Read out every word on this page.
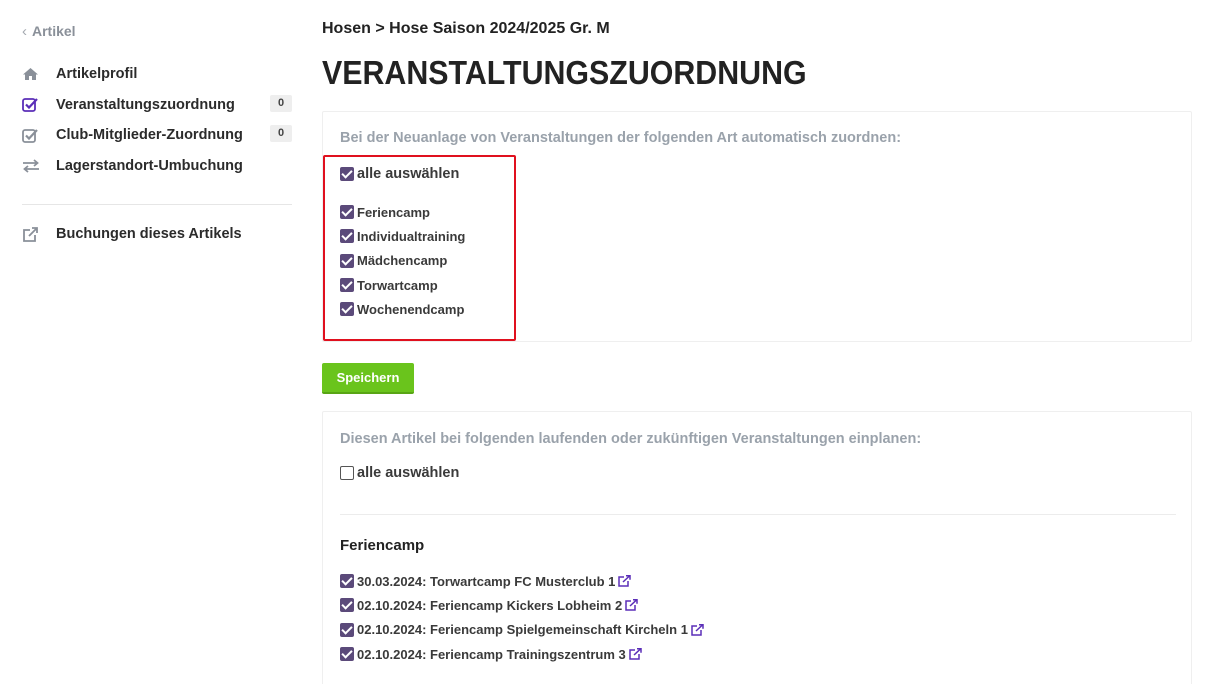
‹ Artikel
Artikelprofil
Veranstaltungszuordnung	0
Club-Mitglieder-Zuordnung	0
Lagerstandort-Umbuchung
Buchungen dieses Artikels
Hosen > Hose Saison 2024/2025 Gr. M
VERANSTALTUNGSZUORDNUNG
Bei der Neuanlage von Veranstaltungen der folgenden Art automatisch zuordnen:
alle auswählen
Feriencamp
Individualtraining
Mädchencamp
Torwartcamp
Wochenendcamp
Speichern
Diesen Artikel bei folgenden laufenden oder zukünftigen Veranstaltungen einplanen:
alle auswählen
Feriencamp
30.03.2024: Torwartcamp FC Musterclub 1
02.10.2024: Feriencamp Kickers Lobheim 2
02.10.2024: Feriencamp Spielgemeinschaft Kircheln 1
02.10.2024: Feriencamp Trainingszentrum 3
